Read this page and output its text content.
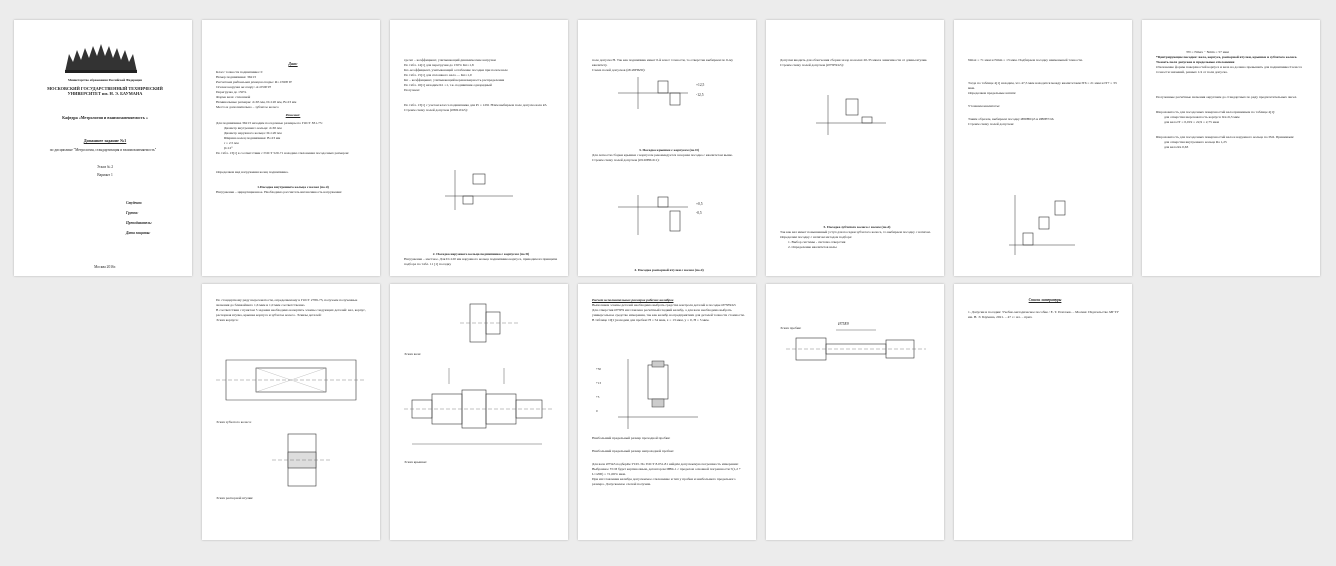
Министерство образования Российской Федерации
МОСКОВСКИЙ ГОСУДАРСТВЕННЫЙ ТЕХНИЧЕСКИЙ УНИВЕРСИТЕТ им. Н. Э. БАУМАНА
Кафедра «Метрология и взаимозаменяемость »
Домашнее задание №1
по дисциплине "Метрология, стандартизация и взаимозаменяемость"
Эскиз № 2
Вариант 1
Студент:
Группа:
Преподаватель:
Дата защиты:
Москва 2016г.
Дано:
Класс точности подшипника: 0
Номер подшипника: 36213
Расчетная радиальная реакция опоры: R=13000 Н
Осевая нагрузка на опору: А=6500 Н
Перегрузка до 150%
Форма вала: сплошной
Номинальные размеры: d=65 мм, D=120 мм, B=23 мм
Место и дополнительно – зубчатое колесо
Решение:
Для подшипника 36213 находим посадочные размеры по ГОСТ 831-75:
Диаметр внутреннего кольца: d=65 мм
Диаметр наружного кольца: D=120 мм
Ширина колец подшипника: B=23 мм
r = 2.5 мм
β=12°
По табл. 13[1] в соответствии с ГОСТ 520-71 находим отклонения посадочных размеров:
Определяем вид нагружения колец подшипника.
1.Посадка внутреннего кольца с валом (по d)
Нагружение – циркуляционное. Необходимо рассчитать интенсивность нагружения:
где kп – коэффициент, учитывающий динамические нагрузки
По табл. 14[1] для перегрузки до 150% Kп=1,8
Kп–коэффициент, учитывающий ослабление посадки при полом вале
По табл. 15[1] для сплошного вала — Kп=1,0
Кп – коэффициент, учитывающий неравномерность распределения
По табл. 16[1] находим К1 =1, т.к. подшипник однорядный
Получаем:
По табл. 13[1] с учетом класса подшипника для Pr = 1291 Н/мм выбираем поле допуска вала k5.
Строим схему полей допусков (Ø65L0/k5):
2. Посадка наружного кольца подшипника с корпусом (по D)
Нагружение – местное. Для D=120 мм наружного кольца подшипника корпуса, приводим из принципа подбора по табл. 11 [1] посадку
поле допуска Н. Так как подшипник имеет 0-й класс точности, то отверстие выбираем по 6-му квалитету.
Схема полей допусков (Ø120Н6/l0):
+12,5
-12,5
3. Посадка крышки с корпусом (по D)
Для легкости сборки крышки с корпусом рекомендуется зазорная посадка с квалитетом выше.
Строим схему полей допусков (Ø120Н6/d11):
+0,5
-0,5
4. Посадка распорной втулки с валом (по d)
Допуски вводить для облегчения сборки зазор на валах 20-35 мкм в зависимости от длины втулки.
Строим схему полей допусков (Ø75Е9/k5):
5. Посадка зубчатого колеса с валом (по d)
Так как вал имеет повышенный уступ для посадки зубчатого колеса, то выбираем посадку с натягом.
Определим посадку с натягом методом подбора:
1. Выбор системы - система отверстия
2. Определение квалитетов валы
Nmax = 71 мкм и Nmin = 13 мкм. Подбираем посадку наименьшей точности.
Тогда по таблице 4[1] находим, что 47,5 мкм находится между квалитетами IT6 = 21 мкм и IT7 = 33 мкм.
Определяем предельные натяги:
Уточняем квалитеты:
Таким образом, выбираем посадку Ø80H6/p5 и Ø80Н7/s6.
Строим схему полей допусков:
TN = Nmax − Nmin = 57 мкм
*Центрирующие посадки: вала, корпуса, распорной втулки, крышки и зубчатого колеса. Указать поля допусков и предельные отклонения
Отклонение формы поверхностей корпуса и вала на должно превышать для подшипника 0 класса точности значений, равных 1/4 от поля допуска.
Полученные расчётные значения округляем до стандартных по ряду предпочтительных чисел.
Шероховатость для посадочных поверхностей вала принимаем по таблице 4[1]:
для отверстия шероховатость корпуса: Rz=6,3 мкм
для вала IT = 0,019 = 22,9 = 2,75 мкм
Шероховатость для посадочных поверхностей вала и наружного кольца по ISO. Принимаем:
для отверстия внутреннего кольца Ra 1,25
для вала Ra 0,63
По стандартному ряду шероховатости, определяемому в ГОСТ 2789-73, получаем полученные значения до ближайшего 1,6 мкм и 1,0 мкм соответственно.
В соответствии с пунктом 5 задания необходимо начертить эскизы следующих деталей: вал, корпус, распорная втулка, крышка корпуса и зубчатое колесо. Эскизы деталей:
Эскиз корпуса:
Эскиз зубчатого колеса:
Эскиз распорной втулки:
Эскиз вала:
Эскиз крышки:
Расчет исполнительных размеров рабочих калибров
Выполняем эскизы деталей необходимо выбрать средства контроля деталей в посадке Ø75Е9/k5
Для отверстия Ø75Е9 изготовлена расчётный гладкий калибр, а для вала необходимо выбрать универсальное средство измерения, так как калибр на предприятиях для деталей точности стоимости.
В таблице 10[1] находим для пробки: Н = 54 мкм, z = 13 мкм, y = 0, H = 5 мкм.
+50
+13
+5
0
Наибольший предельный размер проходной пробки:
Наибольший предельный размер непроходной пробки:
Для вала Ø75k5 подберём УСИ. По ГОСТ 8.051-81 найдём допускаемую погрешность измерения:
Выбранное УСИ будет картиночным, детектором ИВК-1 с пределом основной погрешности ±(1,2 + L/1200) = ±1,06% мкм.
При изготовлении калибра допускаемое отклонение и тип у пробки и наибольшего предельного размера. Допускаемое слепой получим.
Эскиз пробки:
Ø75Е9
Список литературы
1. Допуски и посадки: Учебно-методическое пособие / Е. Т. Поплаев. – Москва: Издательство МГТУ им. Н. Э. Баумана, 2021. – 47 с.: ил. – прил.
